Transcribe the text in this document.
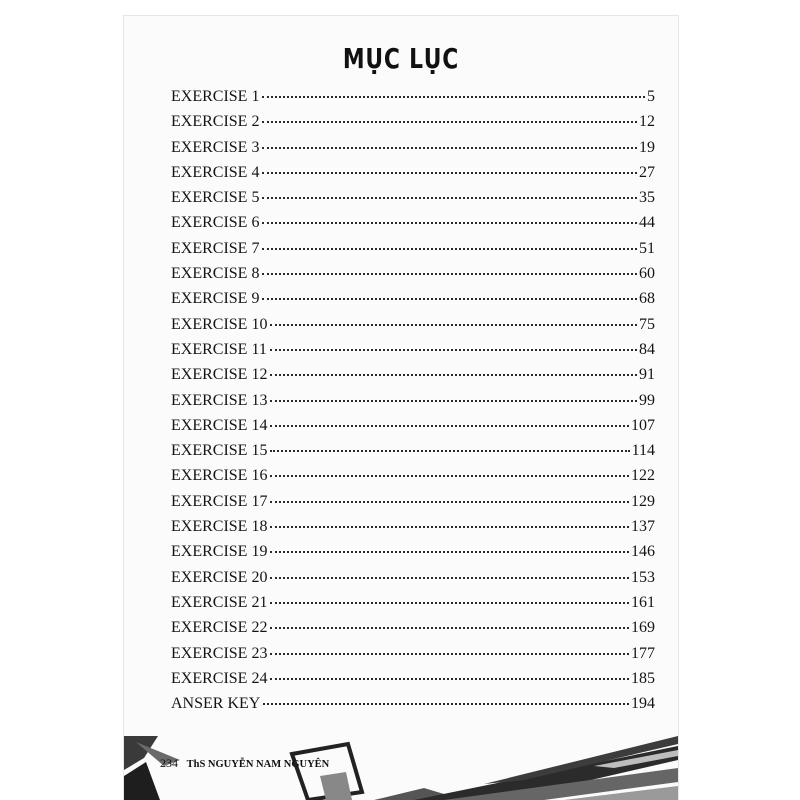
MỤC LỤC
EXERCISE 1	5
EXERCISE 2	12
EXERCISE 3	19
EXERCISE 4	27
EXERCISE 5	35
EXERCISE 6	44
EXERCISE 7	51
EXERCISE 8	60
EXERCISE 9	68
EXERCISE 10	75
EXERCISE 11	84
EXERCISE 12	91
EXERCISE 13	99
EXERCISE 14	107
EXERCISE 15	114
EXERCISE 16	122
EXERCISE 17	129
EXERCISE 18	137
EXERCISE 19	146
EXERCISE 20	153
EXERCISE 21	161
EXERCISE 22	169
EXERCISE 23	177
EXERCISE 24	185
ANSER KEY	194
234 ThS NGUYỄN NAM NGUYÊN
